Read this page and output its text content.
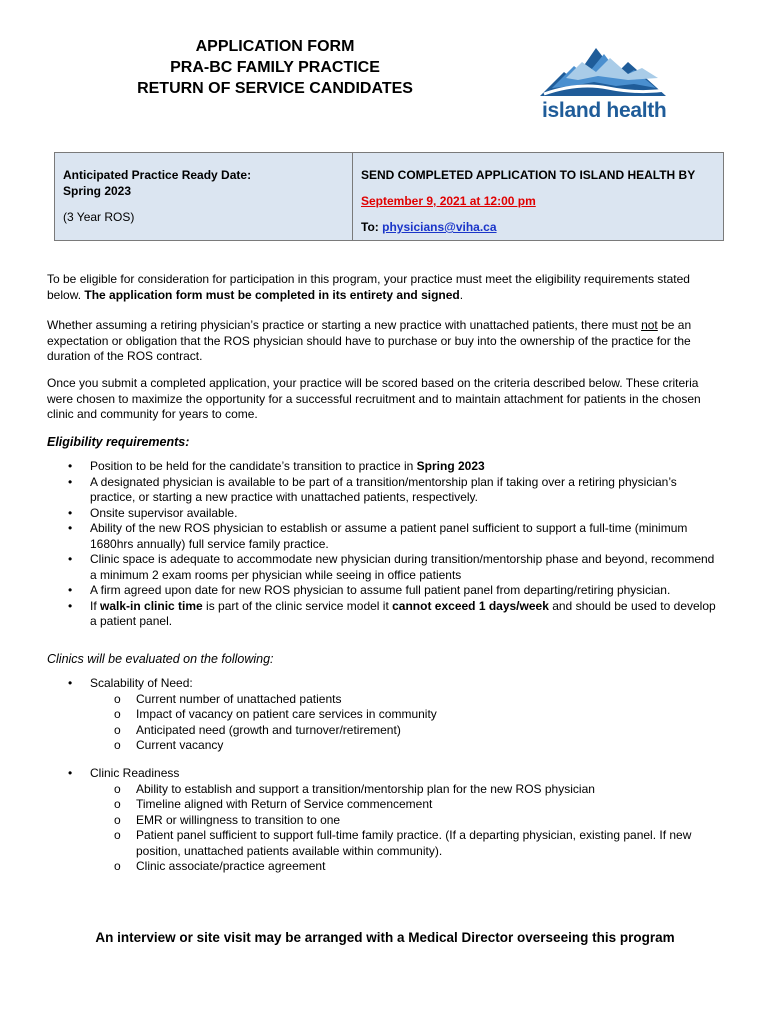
APPLICATION FORM
PRA-BC FAMILY PRACTICE
RETURN OF SERVICE CANDIDATES
island health
Anticipated Practice Ready Date:
Spring 2023
(3 Year ROS)
SEND COMPLETED APPLICATION TO ISLAND HEALTH BY
September 9, 2021 at 12:00 pm
To: physicians@viha.ca

To be eligible for consideration for participation in this program, your practice must meet the eligibility requirements stated below. The application form must be completed in its entirety and signed.

Whether assuming a retiring physician’s practice or starting a new practice with unattached patients, there must not be an expectation or obligation that the ROS physician should have to purchase or buy into the ownership of the practice for the duration of the ROS contract.

Once you submit a completed application, your practice will be scored based on the criteria described below. These criteria were chosen to maximize the opportunity for a successful recruitment and to maintain attachment for patients in the chosen clinic and community for years to come.

Eligibility requirements:
• Position to be held for the candidate’s transition to practice in Spring 2023
• A designated physician is available to be part of a transition/mentorship plan if taking over a retiring physician’s practice, or starting a new practice with unattached patients, respectively.
• Onsite supervisor available.
• Ability of the new ROS physician to establish or assume a patient panel sufficient to support a full-time (minimum 1680hrs annually) full service family practice.
• Clinic space is adequate to accommodate new physician during transition/mentorship phase and beyond, recommend a minimum 2 exam rooms per physician while seeing in office patients
• A firm agreed upon date for new ROS physician to assume full patient panel from departing/retiring physician.
• If walk-in clinic time is part of the clinic service model it cannot exceed 1 days/week and should be used to develop a patient panel.
Clinics will be evaluated on the following:
• Scalability of Need:
o Current number of unattached patients
o Impact of vacancy on patient care services in community
o Anticipated need (growth and turnover/retirement)
o Current vacancy
• Clinic Readiness
o Ability to establish and support a transition/mentorship plan for the new ROS physician
o Timeline aligned with Return of Service commencement
o EMR or willingness to transition to one
o Patient panel sufficient to support full-time family practice. (If a departing physician, existing panel. If new position, unattached patients available within community).
o Clinic associate/practice agreement
An interview or site visit may be arranged with a Medical Director overseeing this program
